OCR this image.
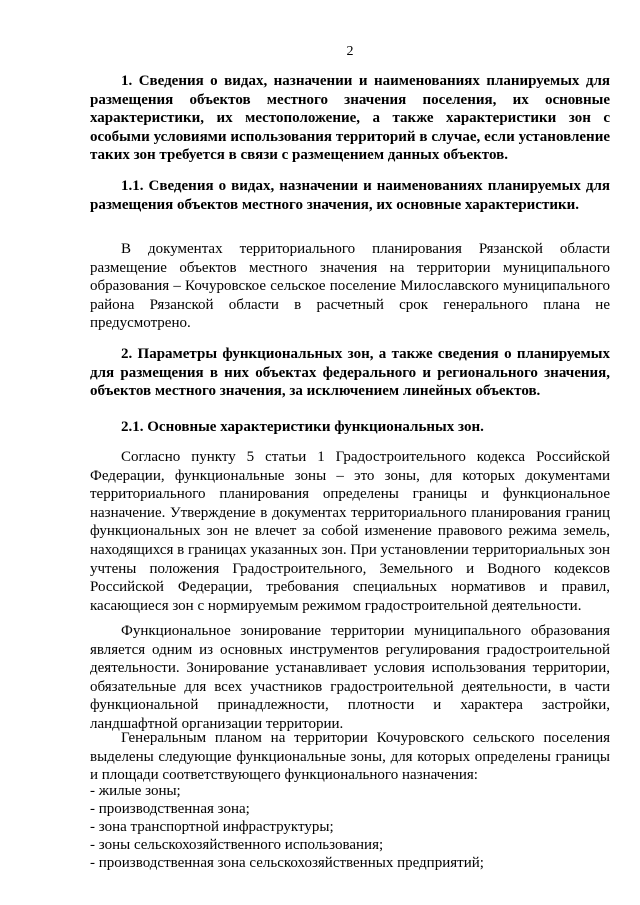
2

1. Сведения о видах, назначении и наименованиях планируемых для размещения объектов местного значения поселения, их основные характеристики, их местоположение, а также характеристики зон с особыми условиями использования территорий в случае, если установление таких зон требуется в связи с размещением данных объектов.

1.1. Сведения о видах, назначении и наименованиях планируемых для размещения объектов местного значения, их основные характеристики.

В документах территориального планирования Рязанской области размещение объектов местного значения на территории муниципального образования – Кочуровское сельское поселение Милославского муниципального района Рязанской области в расчетный срок генерального плана не предусмотрено.

2. Параметры функциональных зон, а также сведения о планируемых для размещения в них объектах федерального и регионального значения, объектов местного значения, за исключением линейных объектов.

2.1. Основные характеристики функциональных зон.

Согласно пункту 5 статьи 1 Градостроительного кодекса Российской Федерации, функциональные зоны – это зоны, для которых документами территориального планирования определены границы и функциональное назначение. Утверждение в документах территориального планирования границ функциональных зон не влечет за собой изменение правового режима земель, находящихся в границах указанных зон. При установлении территориальных зон учтены положения Градостроительного, Земельного и Водного кодексов Российской Федерации, требования специальных нормативов и правил, касающиеся зон с нормируемым режимом градостроительной деятельности.

Функциональное зонирование территории муниципального образования является одним из основных инструментов регулирования градостроительной деятельности. Зонирование устанавливает условия использования территории, обязательные для всех участников градостроительной деятельности, в части функциональной принадлежности, плотности и характера застройки, ландшафтной организации территории.

Генеральным планом на территории Кочуровского сельского поселения выделены следующие функциональные зоны, для которых определены границы и площади соответствующего функционального назначения:

- жилые зоны;
- производственная зона;
- зона транспортной инфраструктуры;
- зоны сельскохозяйственного использования;
- производственная зона сельскохозяйственных предприятий;
